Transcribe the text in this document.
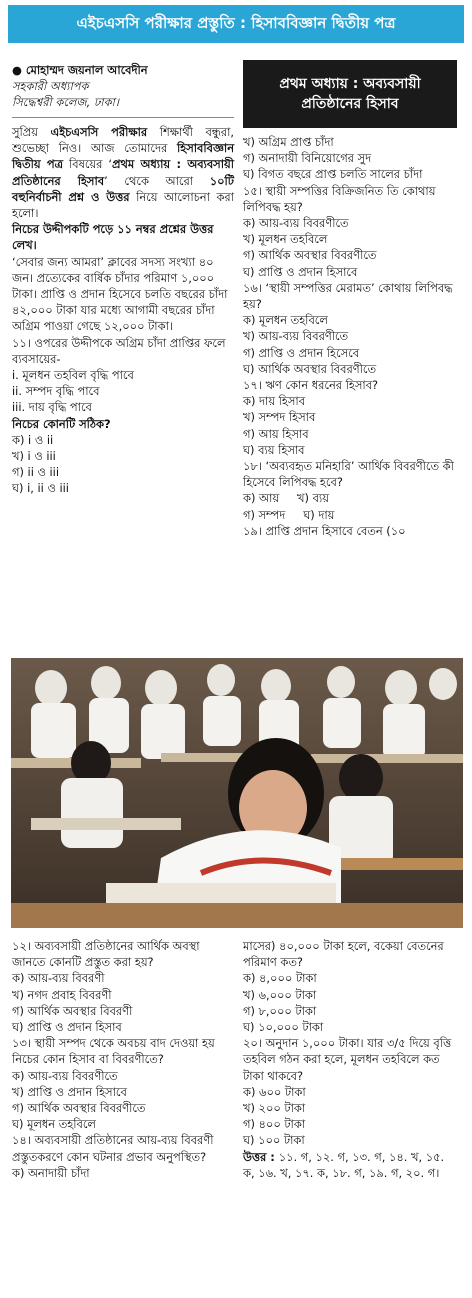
এইচএসসি পরীক্ষার প্রস্তুতি : হিসাববিজ্ঞান দ্বিতীয় পত্র
● মোহাম্মদ জয়নাল আবেদীন
সহকারী অধ্যাপক
সিদ্ধেশ্বরী কলেজ, ঢাকা।
প্রথম অধ্যায় : অব্যবসায়ী
প্রতিষ্ঠানের হিসাব

সুপ্রিয় এইচএসসি পরীক্ষার শিক্ষার্থী বন্ধুরা, শুভেচ্ছা নিও। আজ তোমাদের হিসাববিজ্ঞান দ্বিতীয় পত্র বিষয়ের ‘প্রথম অধ্যায় : অব্যবসায়ী প্রতিষ্ঠানের হিসাব’ থেকে আরো ১০টি বহুনির্বাচনী প্রশ্ন ও উত্তর নিয়ে আলোচনা করা হলো।

নিচের উদ্দীপকটি পড়ে ১১ নম্বর প্রশ্নের উত্তর লেখ।

‘সেবার জন্য আমরা’ ক্লাবের সদস্য সংখ্যা ৪০ জন। প্রত্যেকের বার্ষিক চাঁদার পরিমাণ ১,০০০ টাকা। প্রাপ্তি ও প্রদান হিসেবে চলতি বছরের চাঁদা ৪২,০০০ টাকা যার মধ্যে আগামী বছরের চাঁদা অগ্রিম পাওয়া গেছে ১২,০০০ টাকা।

১১। ওপরের উদ্দীপকে অগ্রিম চাঁদা প্রাপ্তির ফলে ব্যবসায়ের-

i. মূলধন তহবিল বৃদ্ধি পাবে

ii. সম্পদ বৃদ্ধি পাবে

iii. দায় বৃদ্ধি পাবে

নিচের কোনটি সঠিক?

ক) i ও ii

খ) i ও iii

গ) ii ও iii

ঘ) i, ii ও iii

খ) অগ্রিম প্রাপ্ত চাঁদা

গ) অনাদায়ী বিনিয়োগের সুদ

ঘ) বিগত বছরে প্রাপ্ত চলতি সালের চাঁদা

১৫। স্থায়ী সম্পত্তির বিক্রিজনিত তি কোথায় লিপিবদ্ধ হয়?

ক) আয়-ব্যয় বিবরণীতে

খ) মূলধন তহবিলে

গ) আর্থিক অবস্থার বিবরণীতে

ঘ) প্রাপ্তি ও প্রদান হিসাবে

১৬। ‘স্থায়ী সম্পত্তির মেরামত’ কোথায় লিপিবদ্ধ হয়?

ক) মূলধন তহবিলে

খ) আয়-ব্যয় বিবরণীতে

গ) প্রাপ্তি ও প্রদান হিসেবে

ঘ) আর্থিক অবস্থার বিবরণীতে

১৭। ঋণ কোন ধরনের হিসাব?

ক) দায় হিসাব

খ) সম্পদ হিসাব

গ) আয় হিসাব

ঘ) ব্যয় হিসাব

১৮। ‘অব্যবহৃত মনিহারি’ আর্থিক বিবরণীতে কী হিসেবে লিপিবদ্ধ হবে?

ক) আয় খ) ব্যয়

গ) সম্পদ ঘ) দায়

১৯। প্রাপ্তি প্রদান হিসাবে বেতন (১০

১২। অব্যবসায়ী প্রতিষ্ঠানের আর্থিক অবস্থা জানতে কোনটি প্রস্তুত করা হয়?

ক) আয়-ব্যয় বিবরণী

খ) নগদ প্রবাহ বিবরণী

গ) আর্থিক অবস্থার বিবরণী

ঘ) প্রাপ্তি ও প্রদান হিসাব

১৩। স্থায়ী সম্পদ থেকে অবচয় বাদ দেওয়া হয় নিচের কোন হিসাব বা বিবরণীতে?

ক) আয়-ব্যয় বিবরণীতে

খ) প্রাপ্তি ও প্রদান হিসাবে

গ) আর্থিক অবস্থার বিবরণীতে

ঘ) মূলধন তহবিলে

১৪। অব্যবসায়ী প্রতিষ্ঠানের আয়-ব্যয় বিবরণী প্রস্তুতকরণে কোন ঘটনার প্রভাব অনুপস্থিত?

ক) অনাদায়ী চাঁদা

মাসের) ৪০,০০০ টাকা হলে, বকেয়া বেতনের পরিমাণ কত?

ক) ৪,০০০ টাকা

খ) ৬,০০০ টাকা

গ) ৮,০০০ টাকা

ঘ) ১০,০০০ টাকা

২০। অনুদান ১,০০০ টাকা। যার ৩/৫ দিয়ে বৃত্তি তহবিল গঠন করা হলে, মূলধন তহবিলে কত টাকা থাকবে?

ক) ৬০০ টাকা

খ) ২০০ টাকা

গ) ৪০০ টাকা

ঘ) ১০০ টাকা

উত্তর : ১১. গ, ১২. গ, ১৩. গ, ১৪. খ, ১৫. ক, ১৬. খ, ১৭. ক, ১৮. গ, ১৯. গ, ২০. গ।
